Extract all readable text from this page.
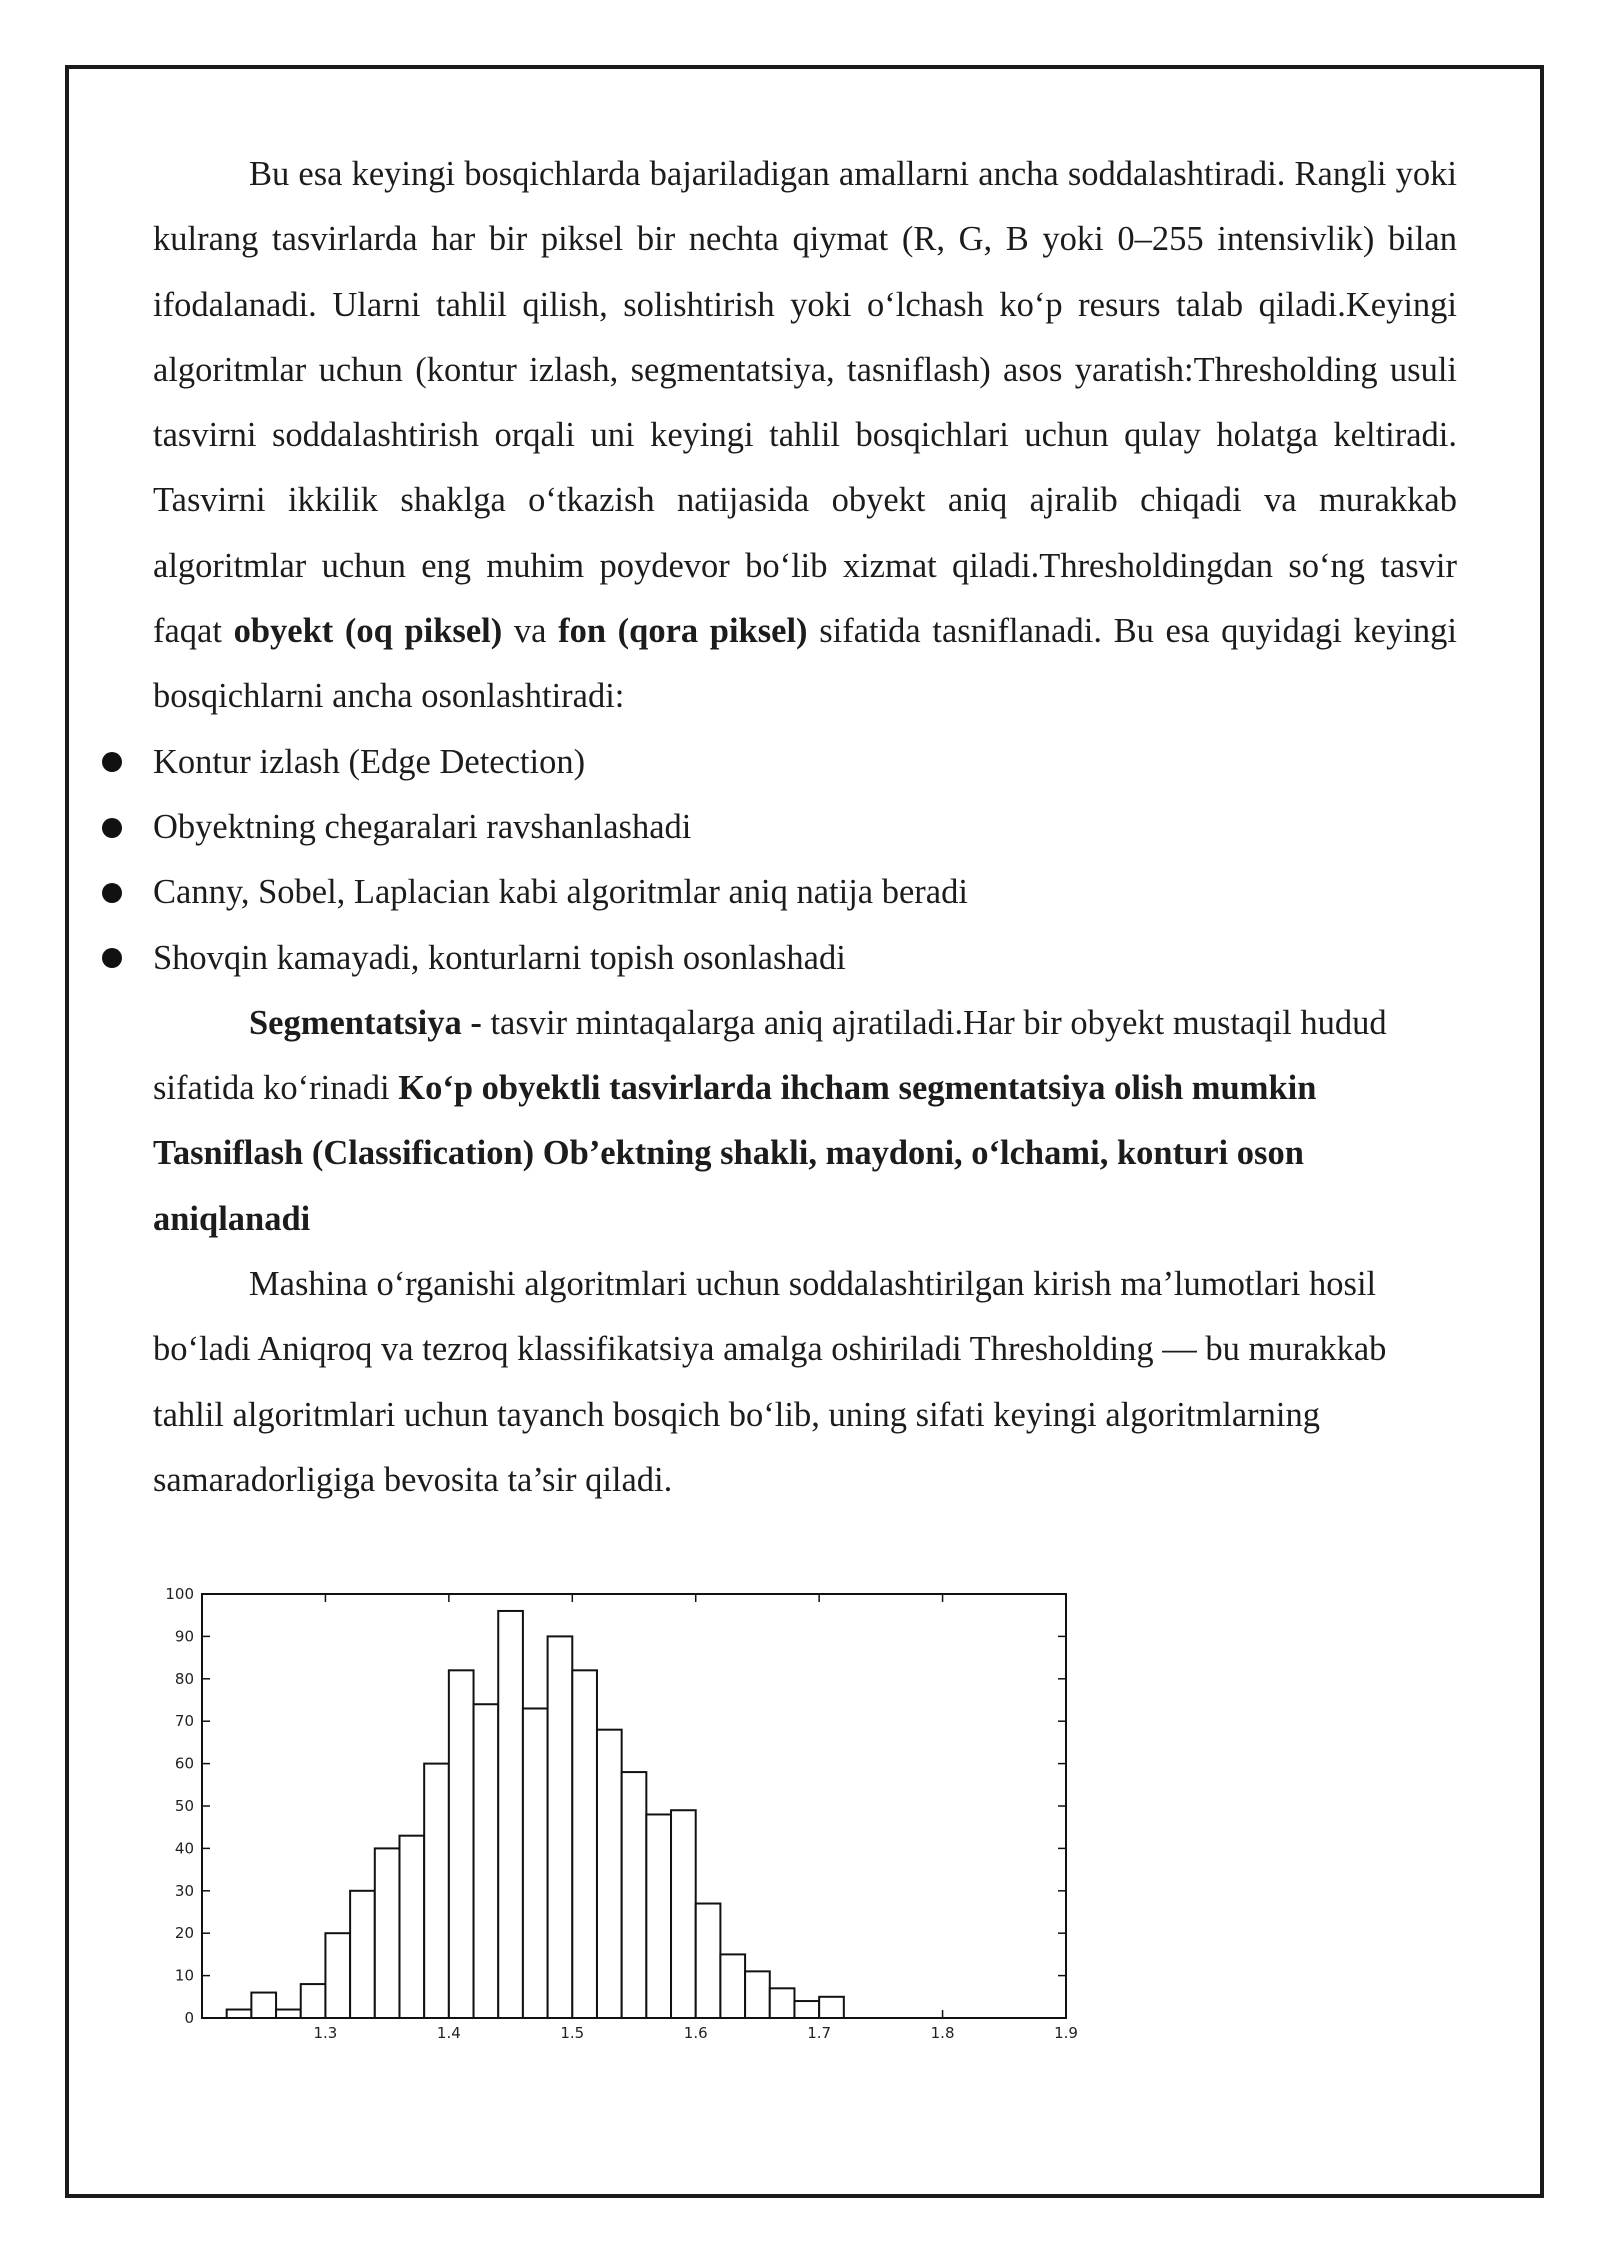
Bu esa keyingi bosqichlarda bajariladigan amallarni ancha soddalashtiradi. Rangli yoki kulrang tasvirlarda har bir piksel bir nechta qiymat (R, G, B yoki 0–255 intensivlik) bilan ifodalanadi. Ularni tahlil qilish, solishtirish yoki o‘lchash ko‘p resurs talab qiladi.Keyingi algoritmlar uchun (kontur izlash, segmentatsiya, tasniflash) asos yaratish:Thresholding usuli tasvirni soddalashtirish orqali uni keyingi tahlil bosqichlari uchun qulay holatga keltiradi. Tasvirni ikkilik shaklga o‘tkazish natijasida obyekt aniq ajralib chiqadi va murakkab algoritmlar uchun eng muhim poydevor bo‘lib xizmat qiladi.Thresholdingdan so‘ng tasvir faqat obyekt (oq piksel) va fon (qora piksel) sifatida tasniflanadi. Bu esa quyidagi keyingi bosqichlarni ancha osonlashtiradi:

Kontur izlash (Edge Detection)
Obyektning chegaralari ravshanlashadi
Canny, Sobel, Laplacian kabi algoritmlar aniq natija beradi
Shovqin kamayadi, konturlarni topish osonlashadi

Segmentatsiya - tasvir mintaqalarga aniq ajratiladi.Har bir obyekt mustaqil hudud sifatida ko‘rinadi Ko‘p obyektli tasvirlarda ihcham segmentatsiya olish mumkin

Tasniflash (Classification) Ob’ektning shakli, maydoni, o‘lchami, konturi oson aniqlanadi

Mashina o‘rganishi algoritmlari uchun soddalashtirilgan kirish ma’lumotlari hosil bo‘ladi Aniqroq va tezroq klassifikatsiya amalga oshiriladi Thresholding — bu murakkab tahlil algoritmlari uchun tayanch bosqich bo‘lib, uning sifati keyingi algoritmlarning samaradorligiga bevosita ta’sir qiladi.

0
10
20
30
40
50
60
70
80
90
100
1.3	1.4	1.5	1.6	1.7	1.8	1.9
